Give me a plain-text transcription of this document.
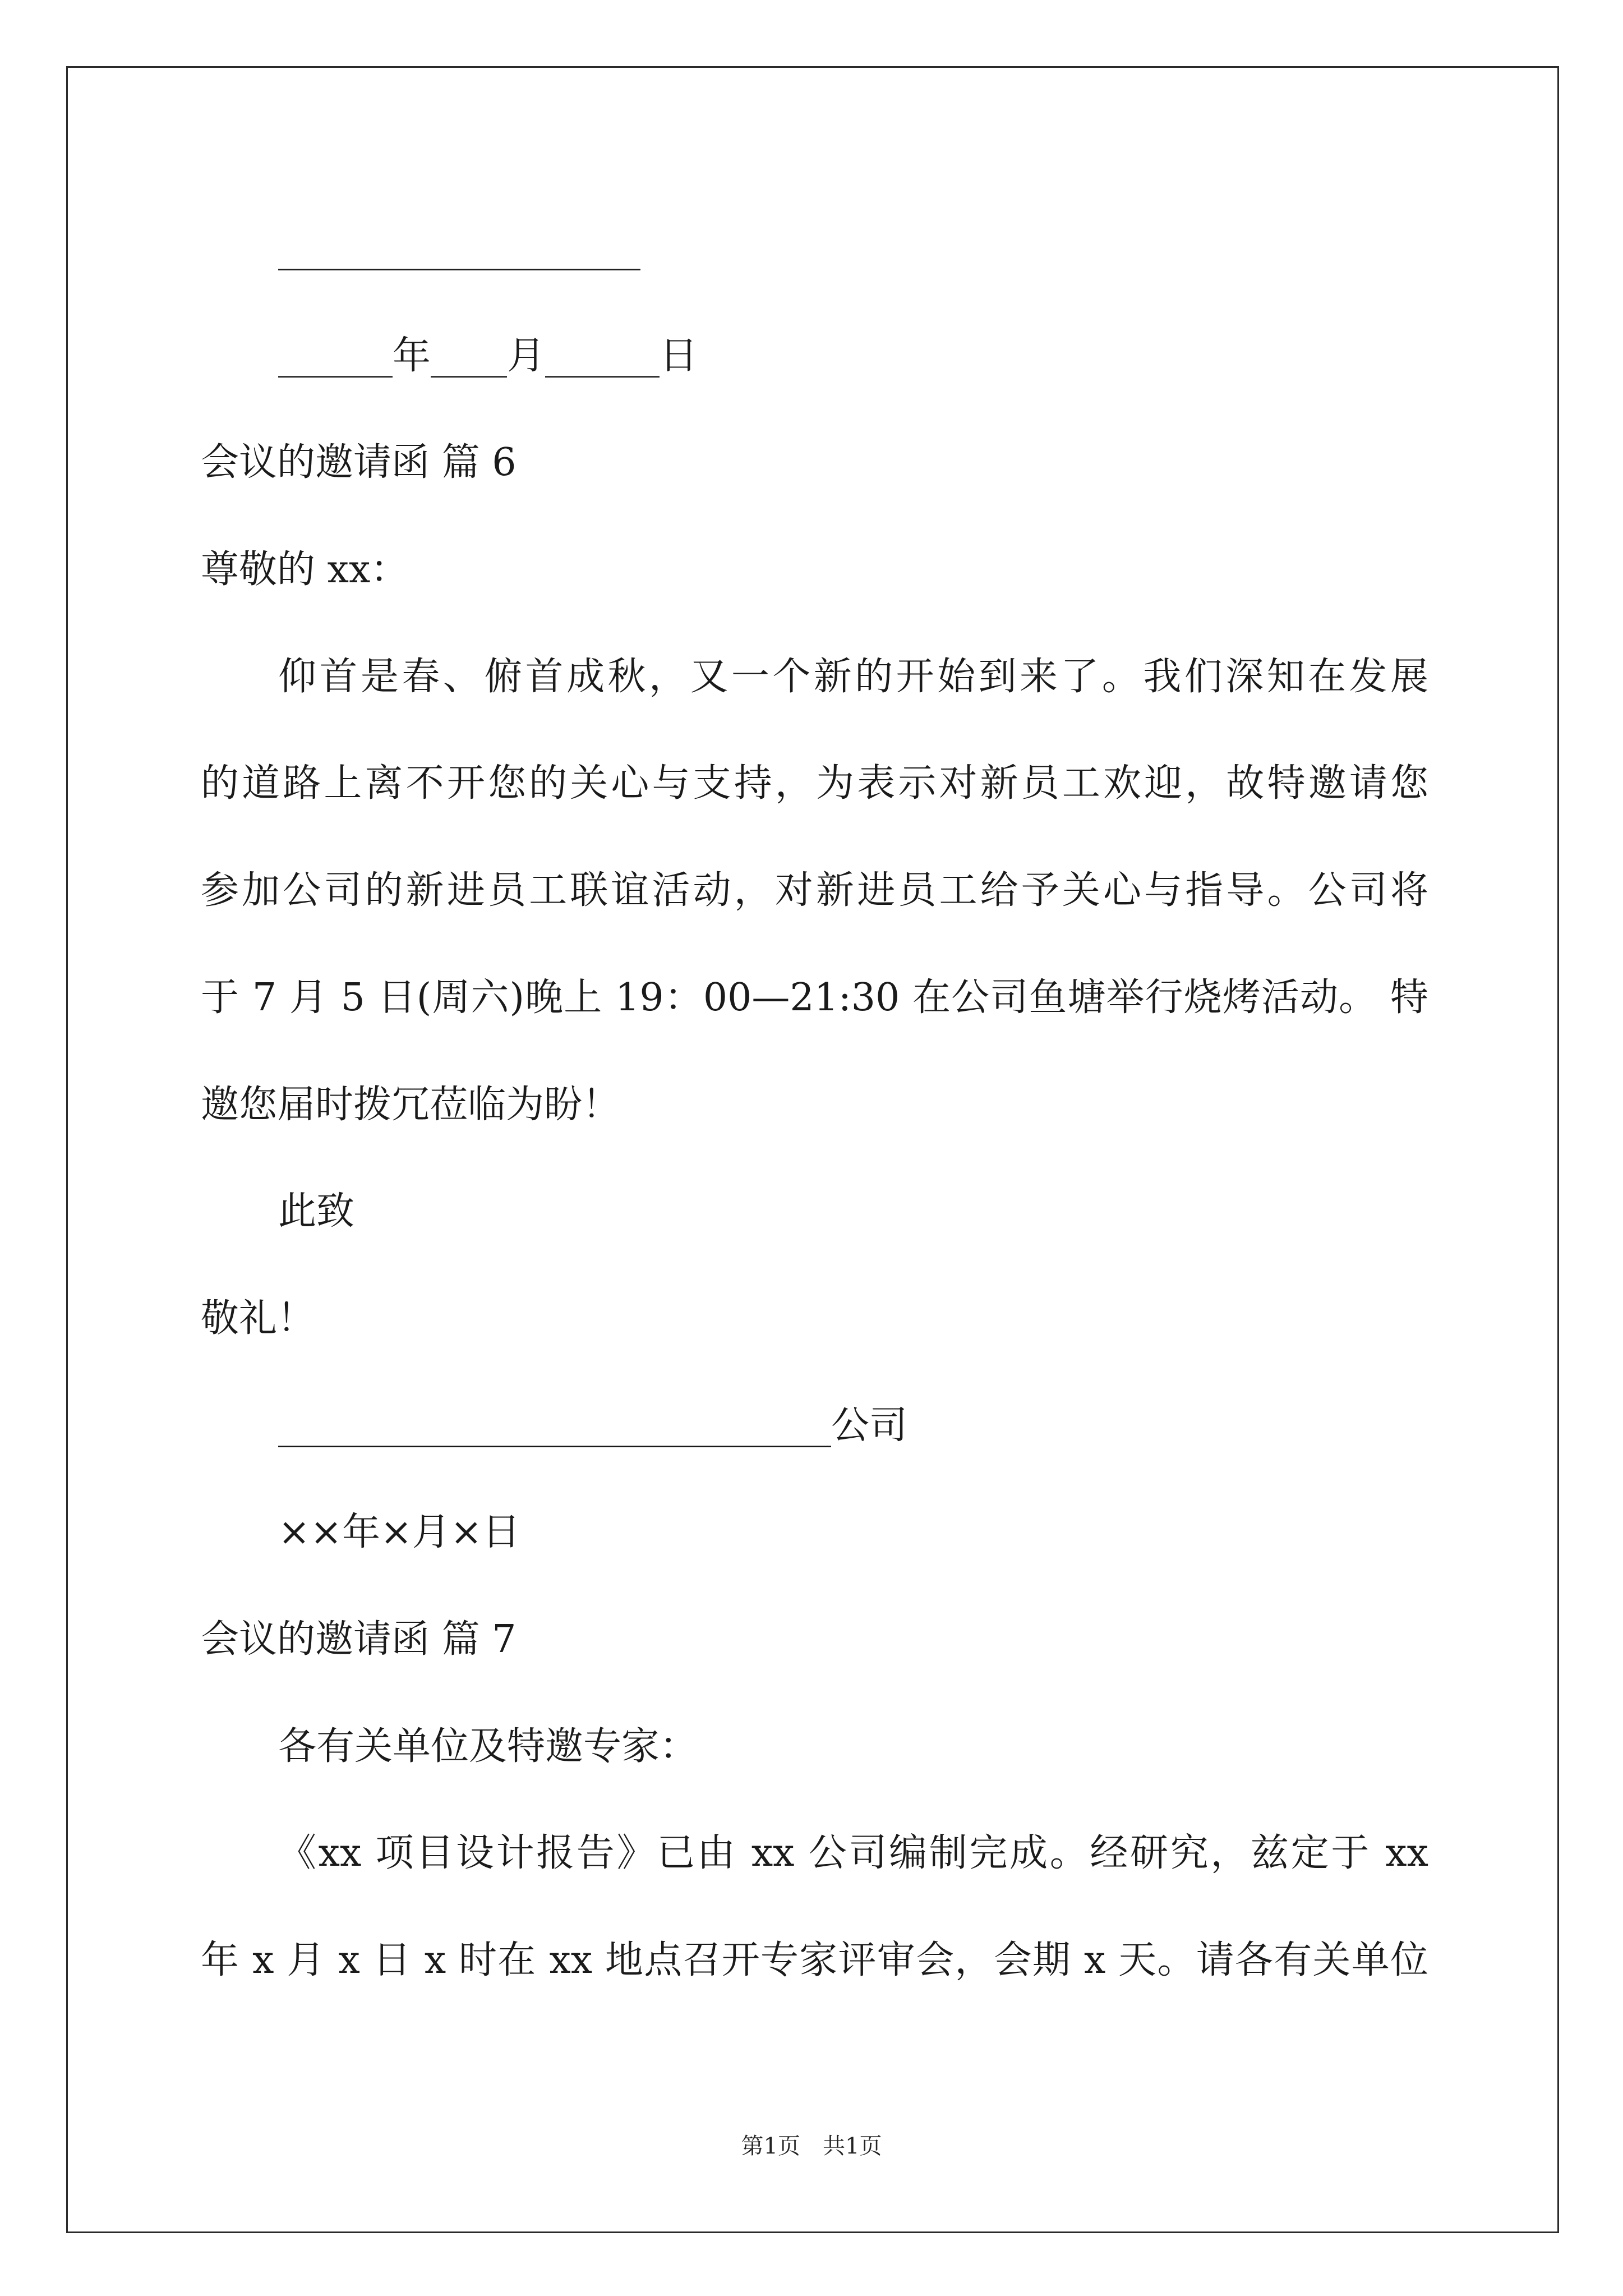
___________________
______年____月______日
会议的邀请函 篇 6
尊敬的 xx：
仰首是春、俯首成秋，又一个新的开始到来了。我们深知在发展
的道路上离不开您的关心与支持，为表示对新员工欢迎，故特邀请您
参加公司的新进员工联谊活动，对新进员工给予关心与指导。公司将
于 7 月 5 日(周六)晚上 19：00—21:30 在公司鱼塘举行烧烤活动。 特
邀您届时拨冗莅临为盼！
此致
敬礼！
_____________________________公司
××年×月×日
会议的邀请函 篇 7
各有关单位及特邀专家：
《xx 项目设计报告》已由 xx 公司编制完成。经研究，兹定于 xx
年 x 月 x 日 x 时在 xx 地点召开专家评审会，会期 x 天。请各有关单位
第1页　共1页
